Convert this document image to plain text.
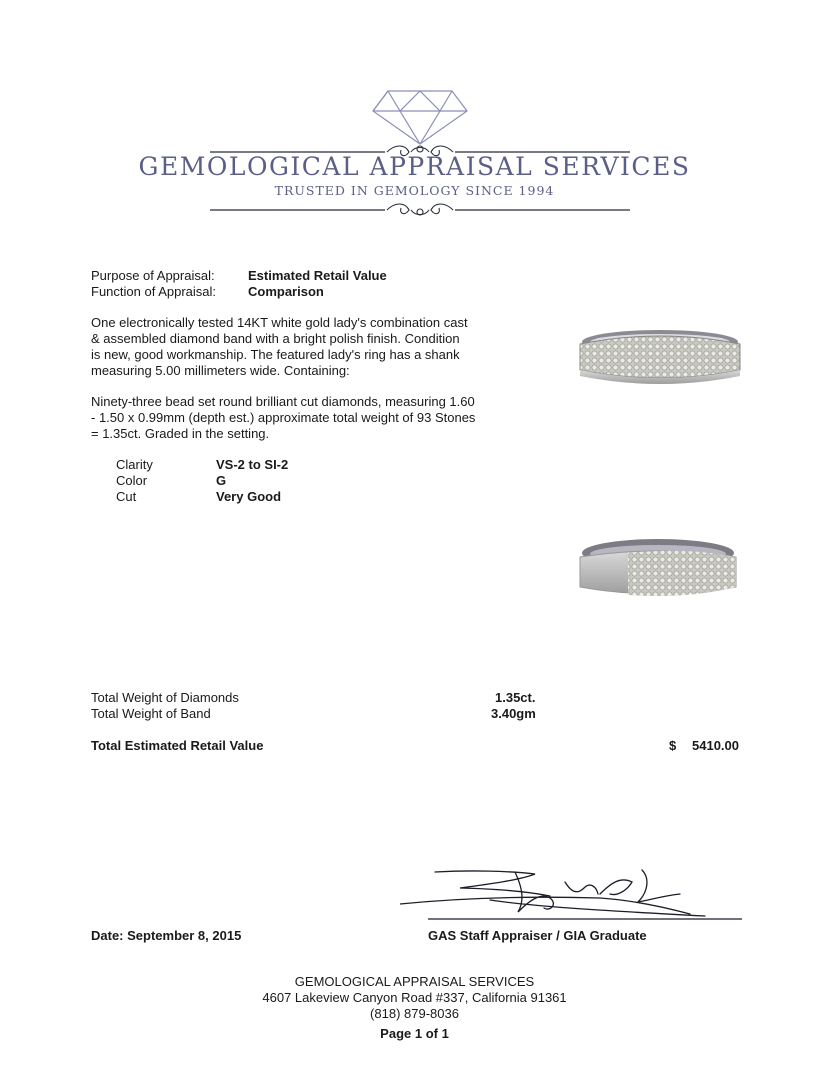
GEMOLOGICAL APPRAISAL SERVICES
TRUSTED IN GEMOLOGY SINCE 1994
Purpose of Appraisal:	Estimated Retail Value
Function of Appraisal: Comparison
One electronically tested 14KT white gold lady's combination cast
& assembled diamond band with a bright polish finish. Condition
is new, good workmanship. The featured lady's ring has a shank
measuring 5.00 millimeters wide. Containing:
Ninety-three bead set round brilliant cut diamonds, measuring 1.60
- 1.50 x 0.99mm (depth est.) approximate total weight of 93 Stones
= 1.35ct. Graded in the setting.
Clarity	VS-2 to SI-2
Color	G
Cut	Very Good
Total Weight of Diamonds	1.35ct.
Total Weight of Band	3.40gm
Total Estimated Retail Value	$ 5410.00
Date: September 8, 2015	GAS Staff Appraiser / GIA Graduate
GEMOLOGICAL APPRAISAL SERVICES
4607 Lakeview Canyon Road #337, California 91361
(818) 879-8036
Page 1 of 1
